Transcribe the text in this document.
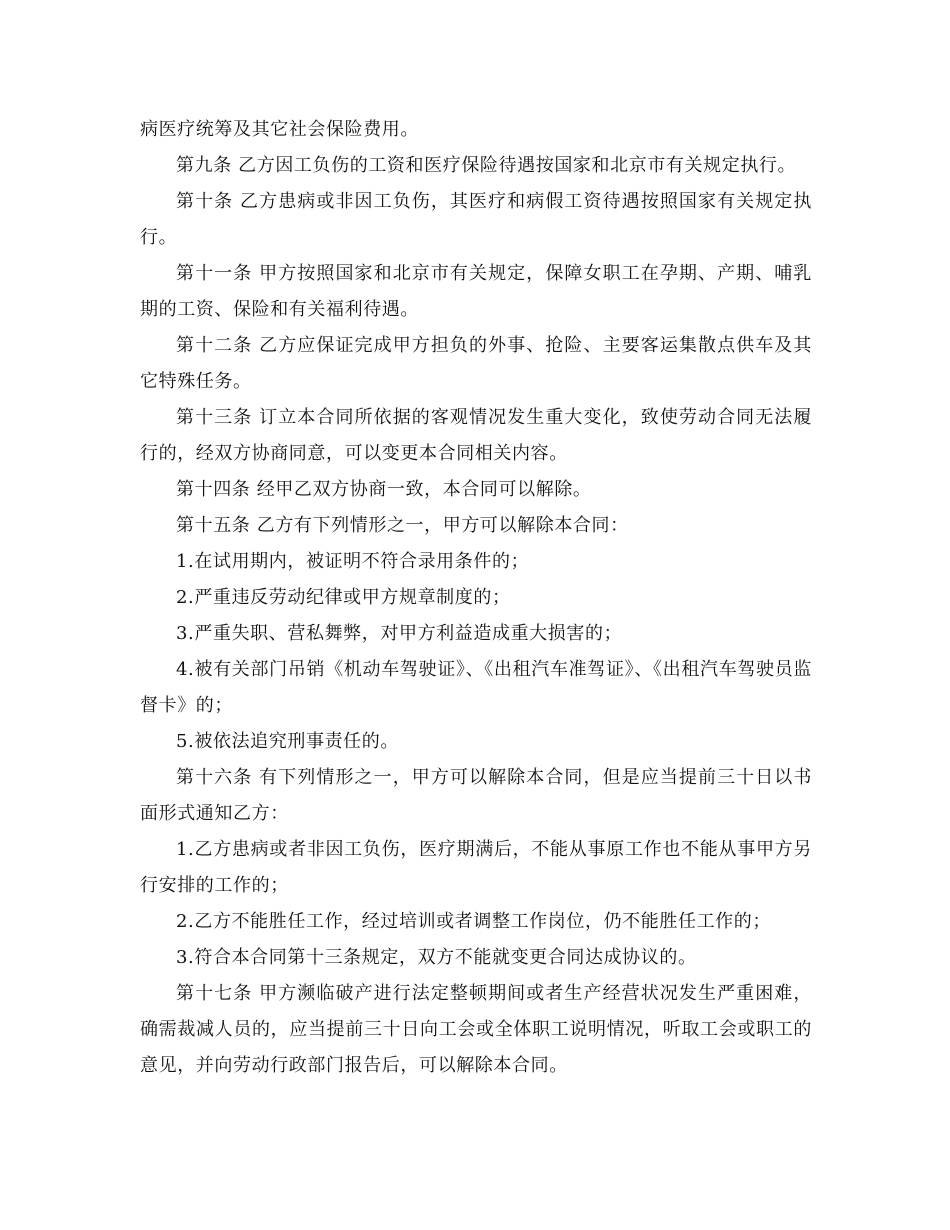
病医疗统筹及其它社会保险费用。

第九条 乙方因工负伤的工资和医疗保险待遇按国家和北京市有关规定执行。

第十条 乙方患病或非因工负伤，其医疗和病假工资待遇按照国家有关规定执行。

第十一条 甲方按照国家和北京市有关规定，保障女职工在孕期、产期、哺乳期的工资、保险和有关福利待遇。

第十二条 乙方应保证完成甲方担负的外事、抢险、主要客运集散点供车及其它特殊任务。

第十三条 订立本合同所依据的客观情况发生重大变化，致使劳动合同无法履行的，经双方协商同意，可以变更本合同相关内容。

第十四条 经甲乙双方协商一致，本合同可以解除。

第十五条 乙方有下列情形之一，甲方可以解除本合同：

1.在试用期内，被证明不符合录用条件的；

2.严重违反劳动纪律或甲方规章制度的；

3.严重失职、营私舞弊，对甲方利益造成重大损害的；

4.被有关部门吊销《机动车驾驶证》、《出租汽车准驾证》、《出租汽车驾驶员监督卡》的；

5.被依法追究刑事责任的。

第十六条 有下列情形之一，甲方可以解除本合同，但是应当提前三十日以书面形式通知乙方：

1.乙方患病或者非因工负伤，医疗期满后，不能从事原工作也不能从事甲方另行安排的工作的；

2.乙方不能胜任工作，经过培训或者调整工作岗位，仍不能胜任工作的；

3.符合本合同第十三条规定，双方不能就变更合同达成协议的。

第十七条 甲方濒临破产进行法定整顿期间或者生产经营状况发生严重困难，确需裁减人员的，应当提前三十日向工会或全体职工说明情况，听取工会或职工的意见，并向劳动行政部门报告后，可以解除本合同。
